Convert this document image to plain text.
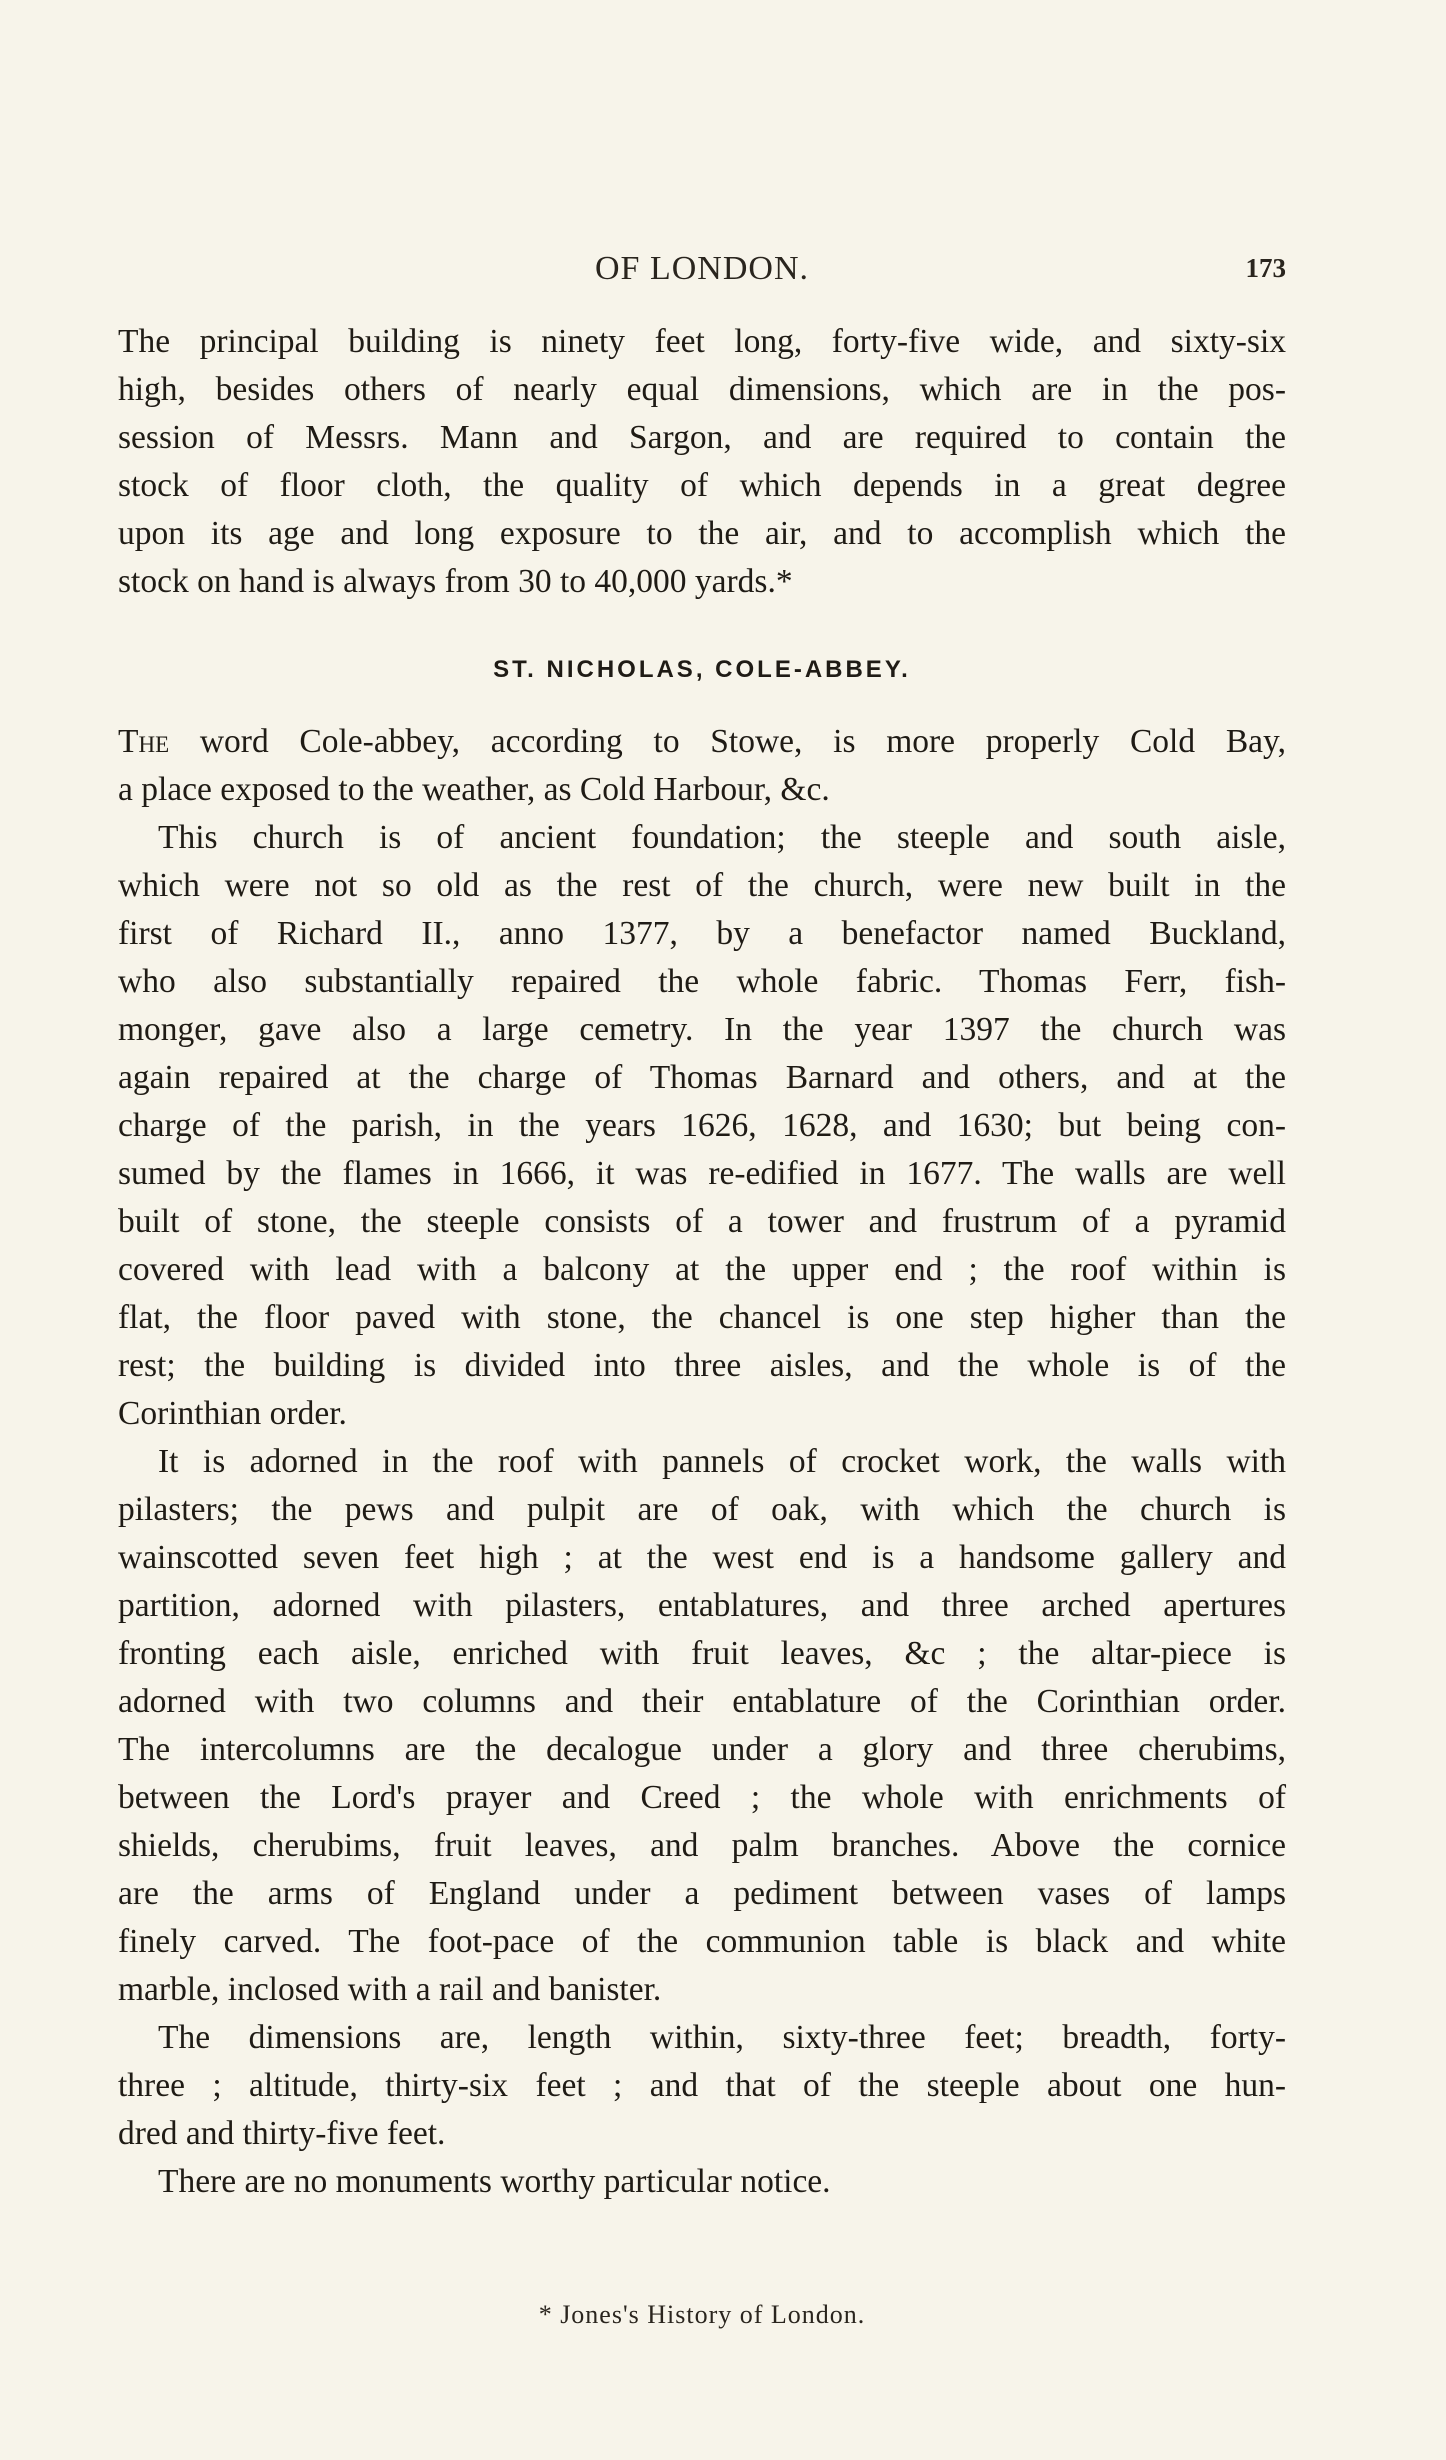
OF LONDON.	173
The principal building is ninety feet long, forty-five wide, and sixty-six
high, besides others of nearly equal dimensions, which are in the pos-
session of Messrs. Mann and Sargon, and are required to contain the
stock of floor cloth, the quality of which depends in a great degree
upon its age and long exposure to the air, and to accomplish which the
stock on hand is always from 30 to 40,000 yards.*
ST. NICHOLAS, COLE-ABBEY.
The word Cole-abbey, according to Stowe, is more properly Cold Bay,
a place exposed to the weather, as Cold Harbour, &c.
This church is of ancient foundation; the steeple and south aisle,
which were not so old as the rest of the church, were new built in the
first of Richard II., anno 1377, by a benefactor named Buckland,
who also substantially repaired the whole fabric. Thomas Ferr, fish-
monger, gave also a large cemetry. In the year 1397 the church was
again repaired at the charge of Thomas Barnard and others, and at the
charge of the parish, in the years 1626, 1628, and 1630; but being con-
sumed by the flames in 1666, it was re-edified in 1677. The walls are well
built of stone, the steeple consists of a tower and frustrum of a pyramid
covered with lead with a balcony at the upper end ; the roof within is
flat, the floor paved with stone, the chancel is one step higher than the
rest; the building is divided into three aisles, and the whole is of the
Corinthian order.
It is adorned in the roof with pannels of crocket work, the walls with
pilasters; the pews and pulpit are of oak, with which the church is
wainscotted seven feet high ; at the west end is a handsome gallery and
partition, adorned with pilasters, entablatures, and three arched apertures
fronting each aisle, enriched with fruit leaves, &c ; the altar-piece is
adorned with two columns and their entablature of the Corinthian order.
The intercolumns are the decalogue under a glory and three cherubims,
between the Lord's prayer and Creed ; the whole with enrichments of
shields, cherubims, fruit leaves, and palm branches. Above the cornice
are the arms of England under a pediment between vases of lamps
finely carved. The foot-pace of the communion table is black and white
marble, inclosed with a rail and banister.
The dimensions are, length within, sixty-three feet; breadth, forty-
three ; altitude, thirty-six feet ; and that of the steeple about one hun-
dred and thirty-five feet.
There are no monuments worthy particular notice.
* Jones's History of London.
